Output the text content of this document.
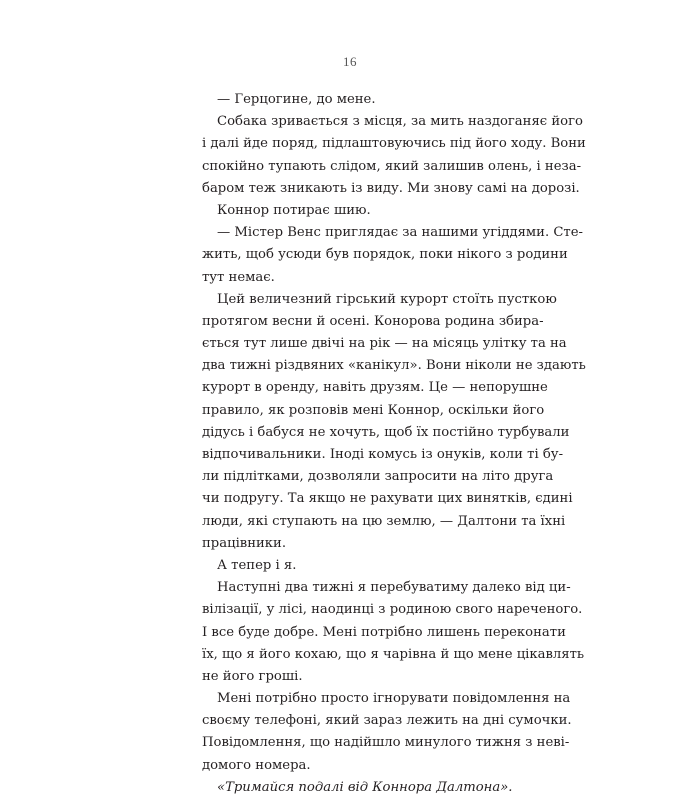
16
— Герцогине, до мене.
Собака зривається з місця, за мить наздоганяє його
і далі йде поряд, підлаштовуючись під його ходу. Вони
спокійно тупають слідом, який залишив олень, і неза-
баром теж зникають із виду. Ми знову самі на дорозі.
Коннор потирає шию.
— Містер Венс приглядає за нашими угіддями. Сте-
жить, щоб усюди був порядок, поки нікого з родини
тут немає.
Цей величезний гірський курорт стоїть пусткою
протягом весни й осені. Конорова родина збира-
ється тут лише двічі на рік — на місяць улітку та на
два тижні різдвяних «канікул». Вони ніколи не здають
курорт в оренду, навіть друзям. Це — непорушне
правило, як розповів мені Коннор, оскільки його
дідусь і бабуся не хочуть, щоб їх постійно турбували
відпочивальники. Іноді комусь із онуків, коли ті бу-
ли підлітками, дозволяли запросити на літо друга
чи подругу. Та якщо не рахувати цих винятків, єдині
люди, які ступають на цю землю, — Далтони та їхні
працівники.
А тепер і я.
Наступні два тижні я перебуватиму далеко від ци-
вілізації, у лісі, наодинці з родиною свого нареченого.
І все буде добре. Мені потрібно лишень переконати
їх, що я його кохаю, що я чарівна й що мене цікавлять
не його гроші.
Мені потрібно просто ігнорувати повідомлення на
своєму телефоні, який зараз лежить на дні сумочки.
Повідомлення, що надійшло минулого тижня з неві-
домого номера.
«Тримайся подалі від Коннора Далтона».
